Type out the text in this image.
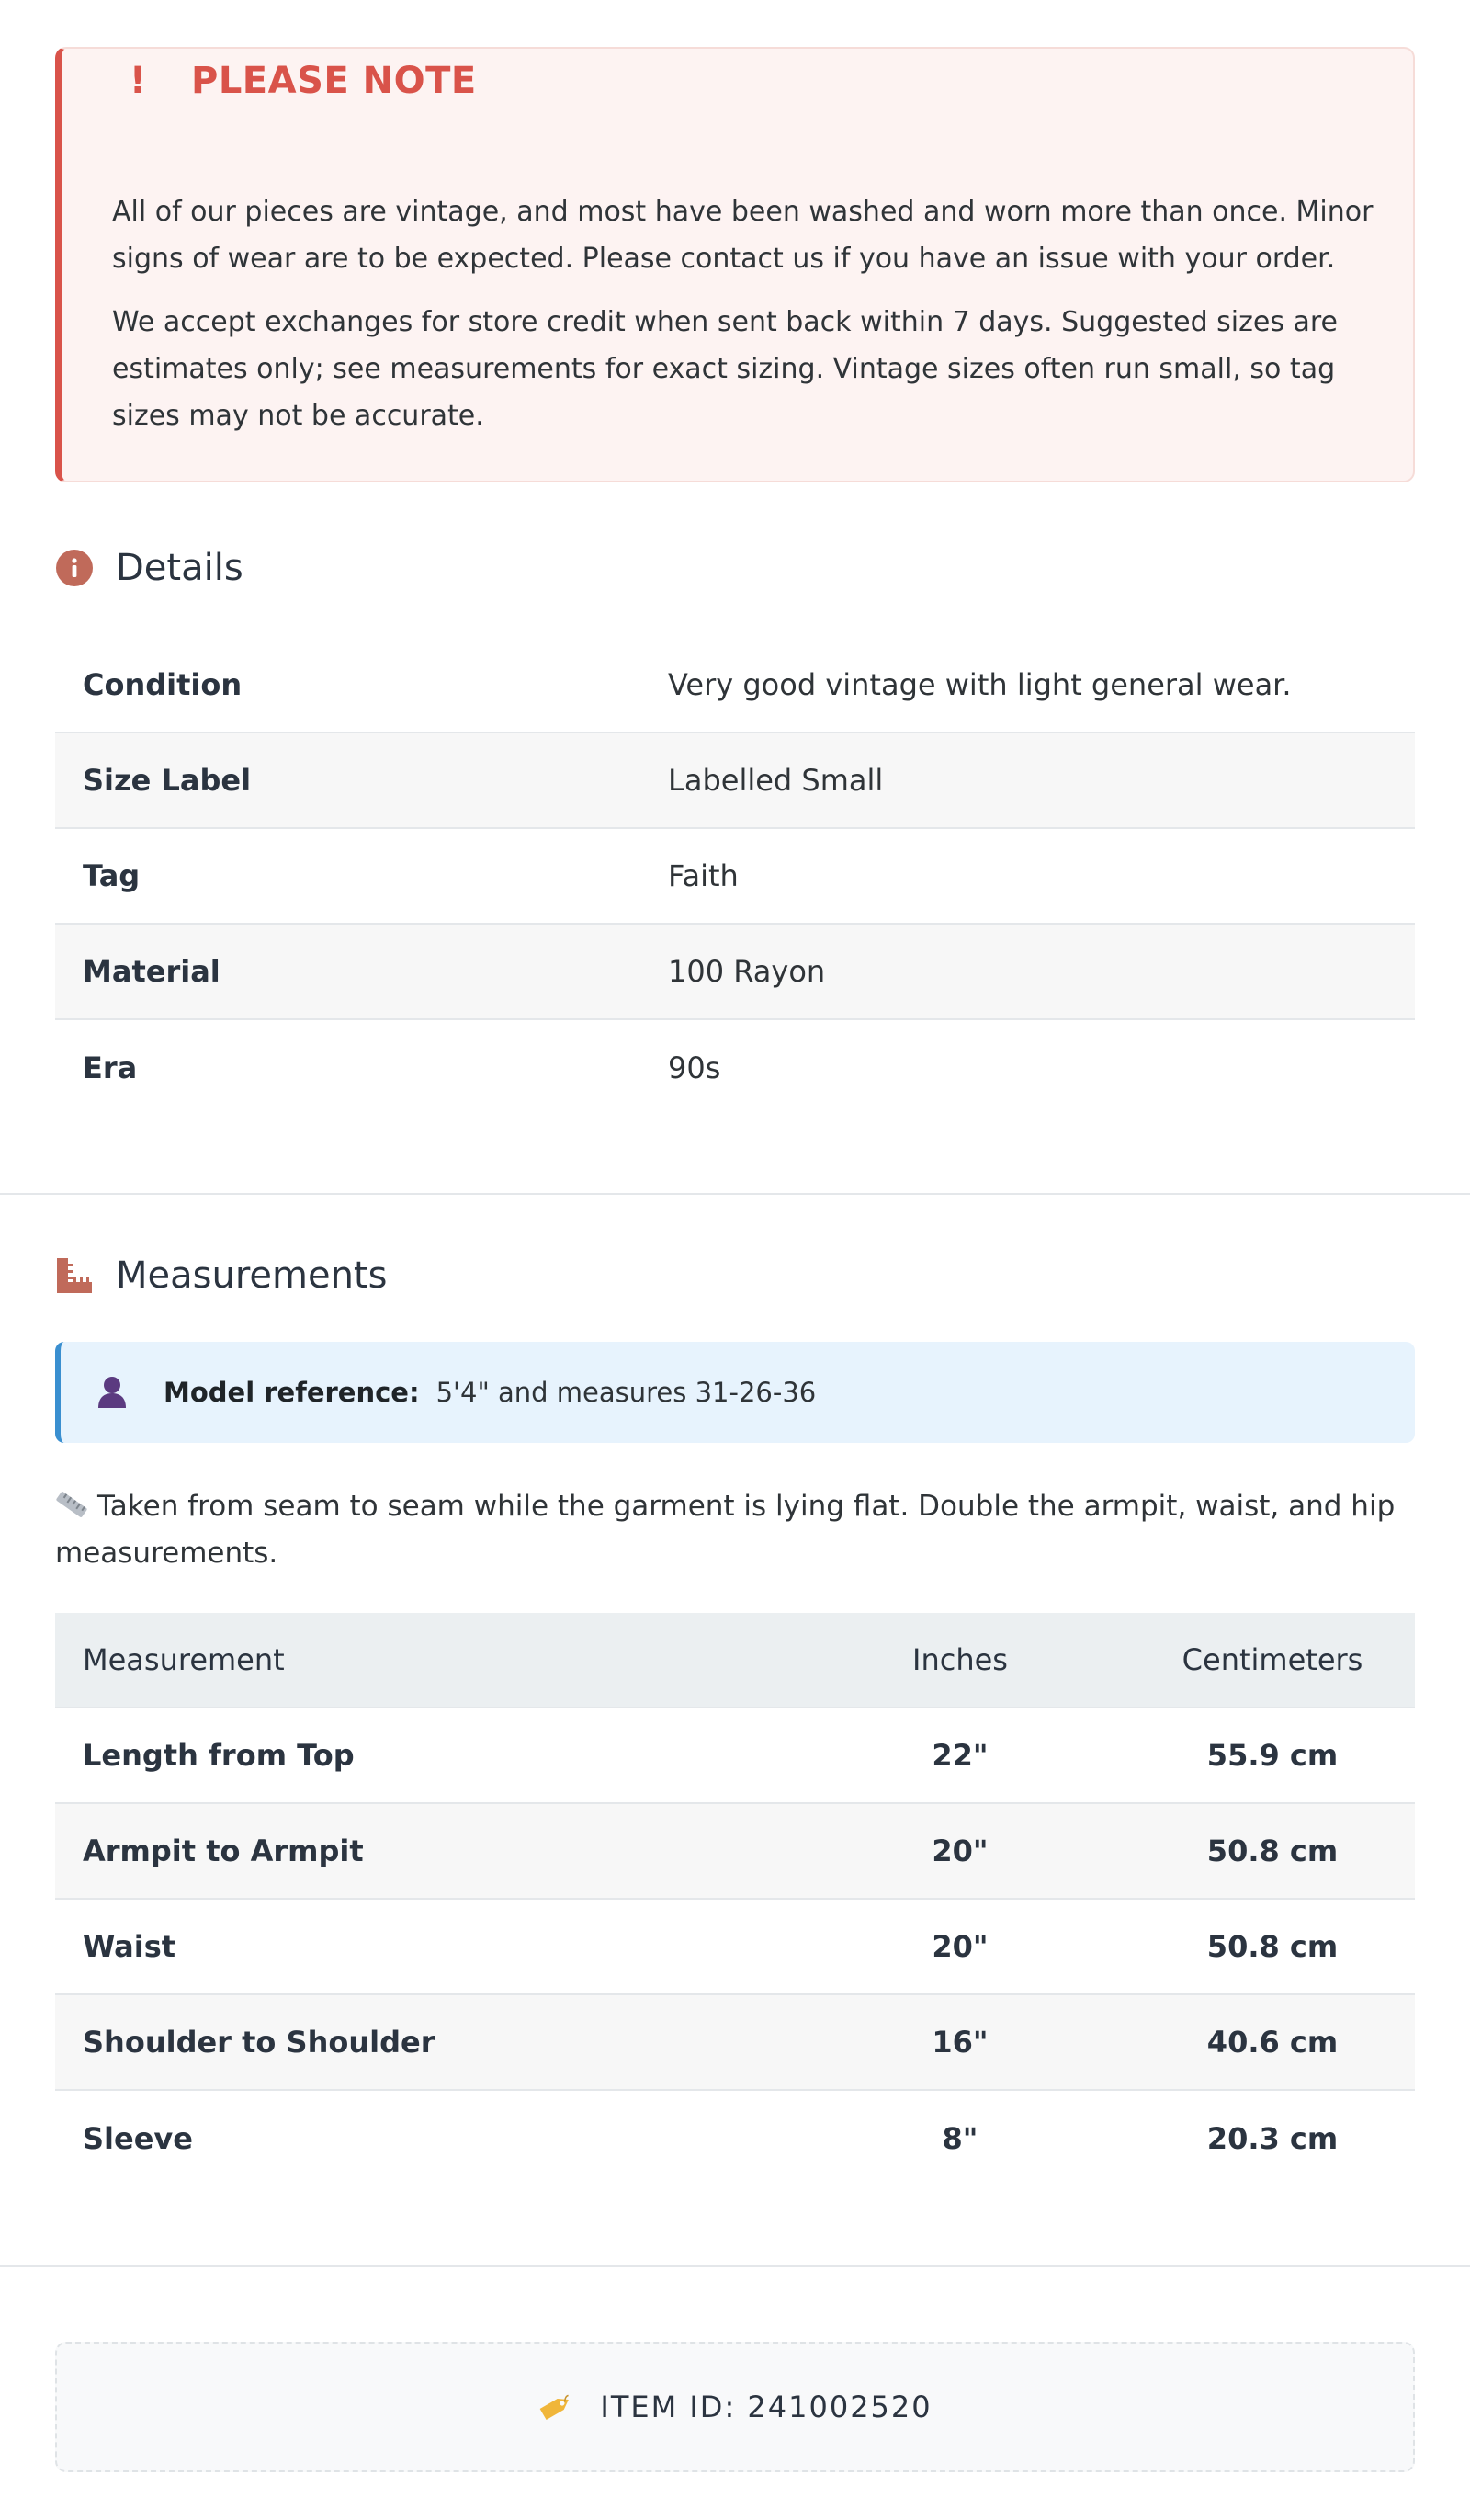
! PLEASE NOTE

All of our pieces are vintage, and most have been washed and worn more than once. Minor signs of wear are to be expected. Please contact us if you have an issue with your order.

We accept exchanges for store credit when sent back within 7 days. Suggested sizes are estimates only; see measurements for exact sizing. Vintage sizes often run small, so tag sizes may not be accurate.

Details
Condition	Very good vintage with light general wear.
Size Label	Labelled Small
Tag	Faith
Material	100 Rayon
Era	90s
Measurements
Model reference: 5'4" and measures 31-26-36

Taken from seam to seam while the garment is lying flat. Double the armpit, waist, and hip measurements.

Measurement	Inches	Centimeters
Length from Top	22"	55.9 cm
Armpit to Armpit	20"	50.8 cm
Waist	20"	50.8 cm
Shoulder to Shoulder	16"	40.6 cm
Sleeve	8"	20.3 cm
ITEM ID: 241002520
